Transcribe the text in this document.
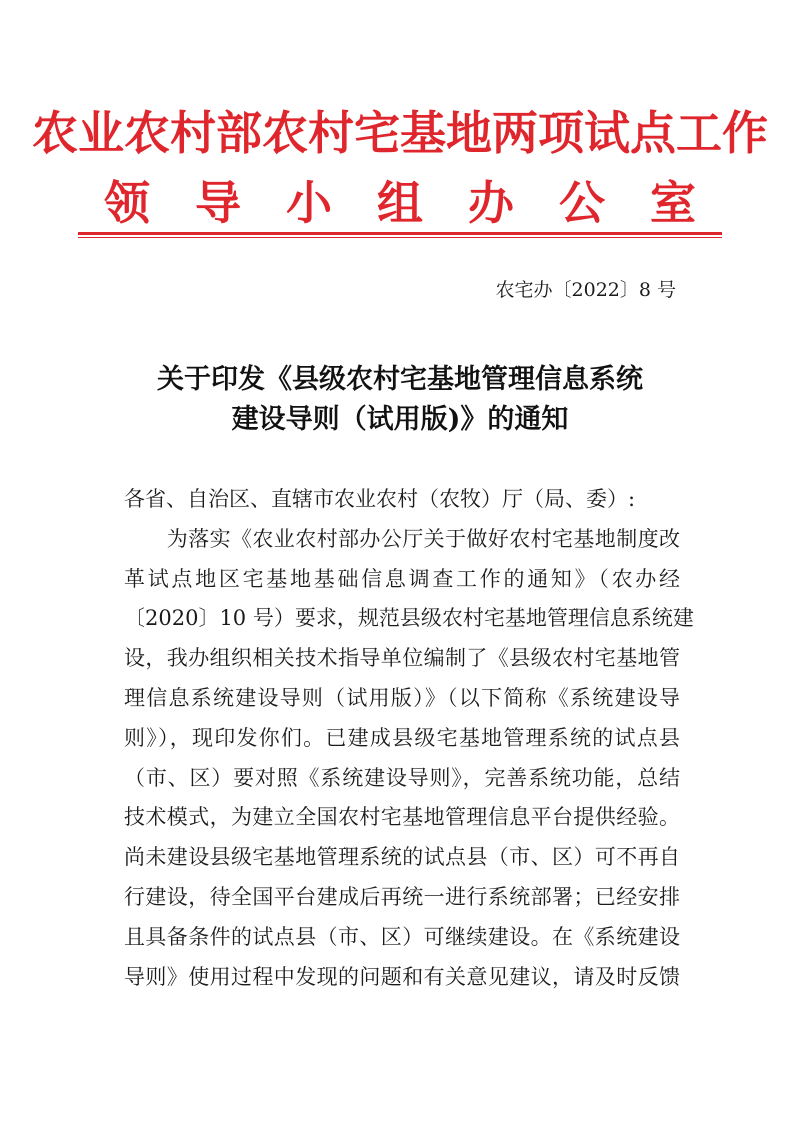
农业农村部农村宅基地两项试点工作
领 导 小 组 办 公 室
农宅办〔2022〕8 号
关于印发《县级农村宅基地管理信息系统
建设导则（试用版)》的通知
各省、自治区、直辖市农业农村（农牧）厅（局、委）:
　　为落实《农业农村部办公厅关于做好农村宅基地制度改
革试点地区宅基地基础信息调查工作的通知》（农办经
〔2020〕10 号）要求，规范县级农村宅基地管理信息系统建
设，我办组织相关技术指导单位编制了《县级农村宅基地管
理信息系统建设导则（试用版）》（以下简称《系统建设导
则》），现印发你们。已建成县级宅基地管理系统的试点县
（市、区）要对照《系统建设导则》，完善系统功能，总结
技术模式，为建立全国农村宅基地管理信息平台提供经验。
尚未建设县级宅基地管理系统的试点县（市、区）可不再自
行建设，待全国平台建成后再统一进行系统部署；已经安排
且具备条件的试点县（市、区）可继续建设。在《系统建设
导则》使用过程中发现的问题和有关意见建议，请及时反馈
